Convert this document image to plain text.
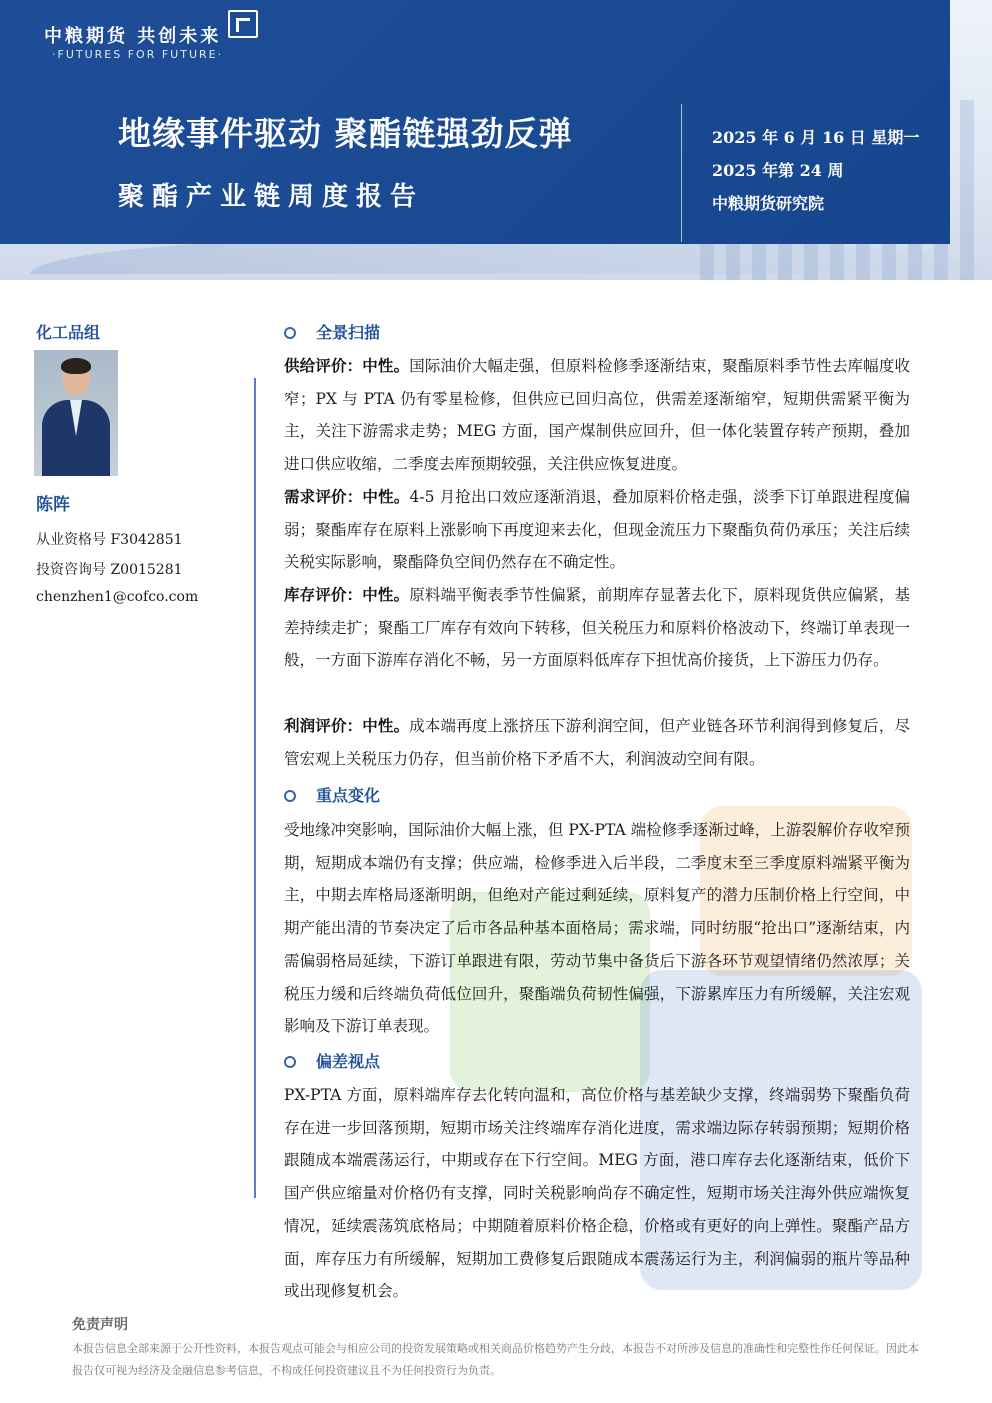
中粮期货 共创未来
·FUTURES FOR FUTURE·
地缘事件驱动 聚酯链强劲反弹
聚酯产业链周度报告
2025 年 6 月 16 日 星期一
2025 年第 24 周
中粮期货研究院
化工品组
陈阵
从业资格号 F3042851
投资咨询号 Z0015281
chenzhen1@cofco.com
全景扫描
供给评价：中性。国际油价大幅走强，但原料检修季逐渐结束，聚酯原料季节性去库幅度收窄；PX 与 PTA 仍有零星检修，但供应已回归高位，供需差逐渐缩窄，短期供需紧平衡为主，关注下游需求走势；MEG 方面，国产煤制供应回升，但一体化装置存转产预期，叠加进口供应收缩，二季度去库预期较强，关注供应恢复进度。
需求评价：中性。4-5 月抢出口效应逐渐消退，叠加原料价格走强，淡季下订单跟进程度偏弱；聚酯库存在原料上涨影响下再度迎来去化，但现金流压力下聚酯负荷仍承压；关注后续关税实际影响，聚酯降负空间仍然存在不确定性。
库存评价：中性。原料端平衡表季节性偏紧，前期库存显著去化下，原料现货供应偏紧，基差持续走扩；聚酯工厂库存有效向下转移，但关税压力和原料价格波动下，终端订单表现一般，一方面下游库存消化不畅，另一方面原料低库存下担忧高价接货，上下游压力仍存。
利润评价：中性。成本端再度上涨挤压下游利润空间，但产业链各环节利润得到修复后，尽管宏观上关税压力仍存，但当前价格下矛盾不大，利润波动空间有限。
重点变化
受地缘冲突影响，国际油价大幅上涨，但 PX-PTA 端检修季逐渐过峰，上游裂解价存收窄预期，短期成本端仍有支撑；供应端，检修季进入后半段，二季度末至三季度原料端紧平衡为主，中期去库格局逐渐明朗，但绝对产能过剩延续，原料复产的潜力压制价格上行空间，中期产能出清的节奏决定了后市各品种基本面格局；需求端，同时纺服“抢出口”逐渐结束，内需偏弱格局延续，下游订单跟进有限，劳动节集中备货后下游各环节观望情绪仍然浓厚；关税压力缓和后终端负荷低位回升，聚酯端负荷韧性偏强，下游累库压力有所缓解，关注宏观影响及下游订单表现。
偏差视点
PX-PTA 方面，原料端库存去化转向温和，高位价格与基差缺少支撑，终端弱势下聚酯负荷存在进一步回落预期，短期市场关注终端库存消化进度，需求端边际存转弱预期；短期价格跟随成本端震荡运行，中期或存在下行空间。MEG 方面，港口库存去化逐渐结束，低价下国产供应缩量对价格仍有支撑，同时关税影响尚存不确定性，短期市场关注海外供应端恢复情况，延续震荡筑底格局；中期随着原料价格企稳，价格或有更好的向上弹性。聚酯产品方面，库存压力有所缓解，短期加工费修复后跟随成本震荡运行为主，利润偏弱的瓶片等品种或出现修复机会。
免责声明
本报告信息全部来源于公开性资料，本报告观点可能会与相应公司的投资发展策略或相关商品价格趋势产生分歧，本报告不对所涉及信息的准确性和完整性作任何保证。因此本报告仅可视为经济及金融信息参考信息，不构成任何投资建议且不为任何投资行为负责。
